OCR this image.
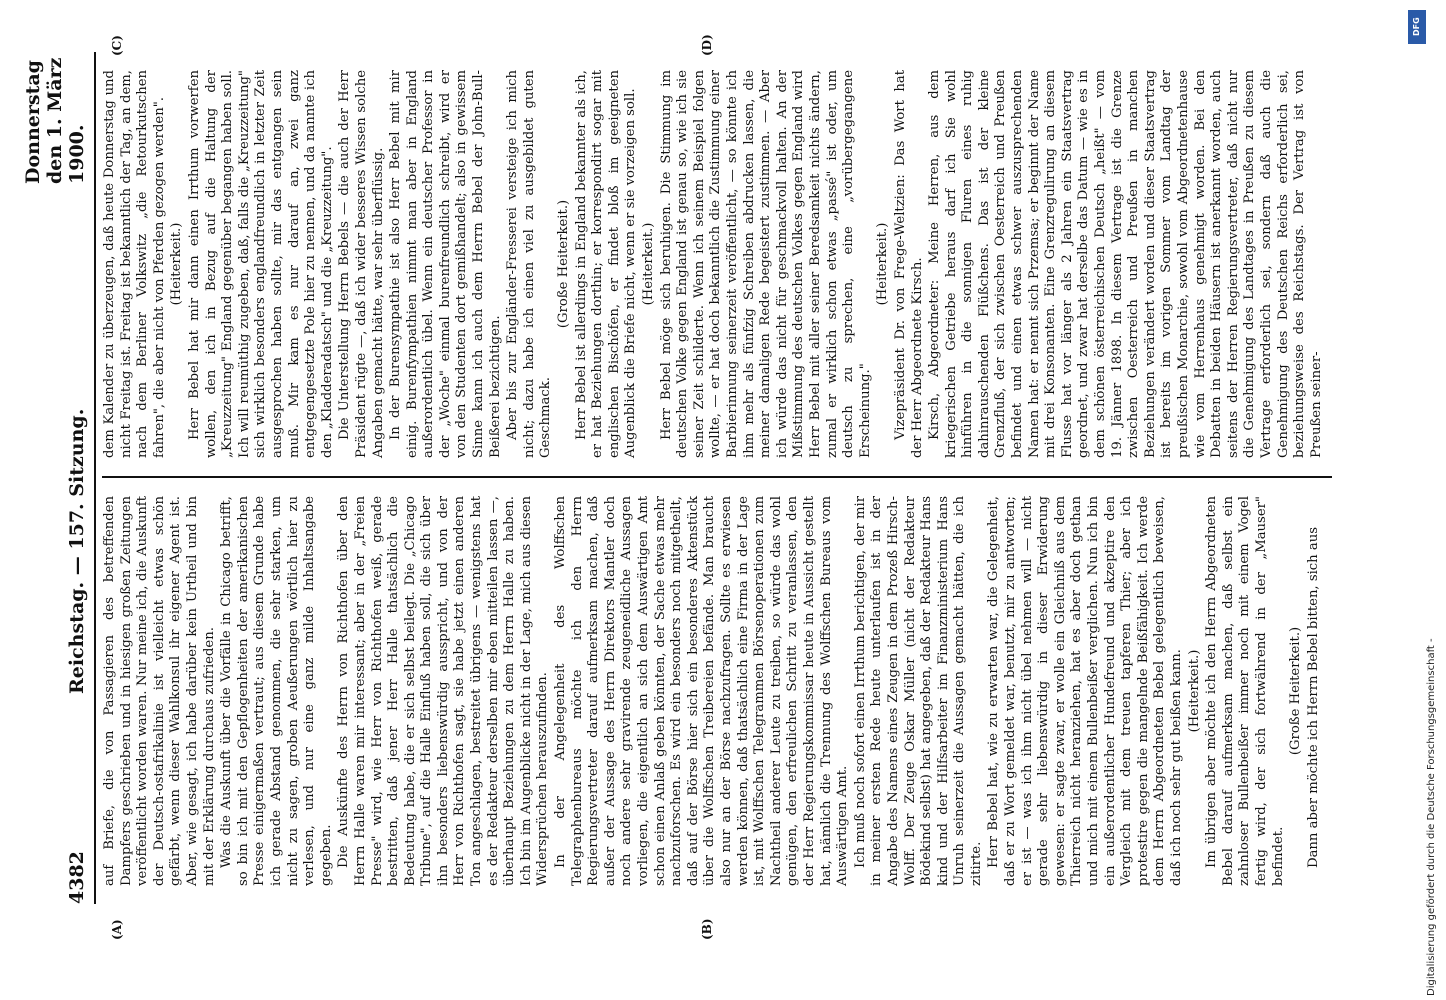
4382
Reichstag. — 157. Sitzung.
Donnerstag den 1. März 1900.

auf Briefe, die von Passagieren des betreffenden Dampfers geschrieben und in hiesigen großen Zeitungen veröffentlicht worden waren. Nur meine ich, die Auskunft der Deutsch-ostafrikalinie ist vielleicht etwas schön gefärbt, wenn dieser Wahlkonsul ihr eigener Agent ist. Aber, wie gesagt, ich habe darüber kein Urtheil und bin mit der Erklärung durchaus zufrieden. Was die Auskunft über die Vorfälle in Chicago betrifft, so bin ich mit den Gepflogenheiten der amerikanischen Presse einigermaßen vertraut; aus diesem Grunde habe ich gerade Abstand genommen, die sehr starken, um nicht zu sagen, groben Aeußerungen wörtlich hier zu verlesen, und nur eine ganz milde Inhaltsangabe gegeben. Die Auskünfte des Herrn von Richthofen über den Herrn Halle waren mir interessant; aber in der „Freien Presse" wird, wie Herr von Richthofen weiß, gerade bestritten, daß jener Herr Halle thatsächlich die Bedeutung habe, die er sich selbst beilegt. Die „Chicago Tribune", auf die Halle Einfluß haben soll, die sich über ihn besonders liebenswürdig ausspricht, und von der Herr von Richthofen sagt, sie habe jetzt einen anderen Ton angeschlagen, bestreitet übrigens — wenigstens hat es der Redakteur derselben mir eben mitteilen lassen —, überhaupt Beziehungen zu dem Herrn Halle zu haben. Ich bin im Augenblicke nicht in der Lage, mich aus diesen Widersprüchen herauszufinden. In der Angelegenheit des Wolffschen Telegraphenbureaus möchte ich den Herrn Regierungsvertreter darauf aufmerksam machen, daß außer der Aussage des Herrn Direktors Mantler doch noch andere sehr gravirende zeugeneidliche Aussagen vorliegen, die eigentlich an sich dem Auswärtigen Amt schon einen Anlaß geben könnten, der Sache etwas mehr nachzuforschen. Es wird ein besonders noch mitgetheilt, daß auf der Börse hier sich ein besonderes Aktenstück über die Wolffschen Treibereien befände. Man braucht also nur an der Börse nachzufragen. Sollte es erwiesen werden können, daß thatsächlich eine Firma in der Lage ist, mit Wolffschen Telegrammen Börsenoperationen zum Nachtheil anderer Leute zu treiben, so würde das wohl genügen, den erfreulichen Schritt zu veranlassen, den der Herr Regierungskommissar heute in Aussicht gestellt hat, nämlich die Trennung des Wolffschen Bureaus vom Auswärtigen Amt. Ich muß noch sofort einen Irrthum berichtigen, der mir in meiner ersten Rede heute unterlaufen ist in der Angabe des Namens eines Zeugen in dem Prozeß Hirsch-Wolff. Der Zeuge Oskar Müller (nicht der Redakteur Bödekind selbst) hat angegeben, daß der Redakteur Hans kind und der Hilfsarbeiter im Finanzministerium Hans Unruh seinerzeit die Aussagen gemacht hätten, die ich zitirte. Herr Bebel hat, wie zu erwarten war, die Gelegenheit, daß er zu Wort gemeldet war, benutzt, mir zu antworten; er ist — was ich ihm nicht übel nehmen will — nicht gerade sehr liebenswürdig in dieser Erwiderung gewesen: er sagte zwar, er wolle ein Gleichniß aus dem Thierreich nicht heranziehen, hat es aber doch gethan und mich mit einem Bullenbeißer verglichen. Nun ich bin ein außerordentlicher Hundefreund und akzeptire den Vergleich mit dem treuen tapferen Thier; aber ich protestire gegen die mangelnde Beißfähigkeit. Ich werde dem Herrn Abgeordneten Bebel gelegentlich beweisen, daß ich noch sehr gut beißen kann. (Heiterkeit.) Im übrigen aber möchte ich den Herrn Abgeordneten Bebel darauf aufmerksam machen, daß selbst ein zahnloser Bullenbeißer immer noch mit einem Vogel fertig wird, der sich fortwährend in der „Mauser" befindet.

(Große Heiterkeit.) Dann aber möchte ich Herrn Bebel bitten, sich aus

dem Kalender zu überzeugen, daß heute Donnerstag und nicht Freitag ist. Freitag ist bekanntlich der Tag, an dem, nach dem Berliner Volkswitz „die Retourkutschen fahren", die aber nicht von Pferden gezogen werden". (Heiterkeit.) Herr Bebel hat mir dann einen Irrthum vorwerfen wollen, den ich in Bezug auf die Haltung der „Kreuzzeitung" England gegenüber begangen haben soll. Ich will reumüthig zugeben, daß, falls die „Kreuzzeitung" sich wirklich besonders englandfreundlich in letzter Zeit ausgesprochen haben sollte, mir das entgangen sein muß. Mir kam es nur darauf an, zwei ganz entgegengesetzte Pole hier zu nennen, und da nannte ich den „Kladderadatsch" und die „Kreuzzeitung". Die Unterstellung Herrn Bebels — die auch der Herr Präsident rügte —, daß ich wider besseres Wissen solche Angaben gemacht hätte, war sehr überflüssig. In der Burensympathie ist also Herr Bebel mit mir einig. Burenfympathien nimmt man aber in England außerordentlich übel. Wenn ein deutscher Professor in der „Woche" einmal burenfreundlich schreibt, wird er von den Studenten dort gemißhandelt; also in gewissem Sinne kann ich auch dem Herrn Bebel der John-Bull-Beißerei bezichtigen. Aber bis zur Engländer-Fresserei versteige ich mich nicht; dazu habe ich einen viel zu ausgebildet guten Geschmack.

(Große Heiterkeit.) Herr Bebel ist allerdings in England bekannter als ich, er hat Beziehungen dorthin; er korrespondirt sogar mit englischen Bischöfen, er findet bloß im geeigneten Augenblick die Briefe nicht, wenn er sie vorzeigen soll. (Heiterkeit.) Herr Bebel möge sich beruhigen. Die Stimmung im deutschen Volke gegen England ist genau so, wie ich sie seiner Zeit schilderte. Wenn ich seinem Beispiel folgen wollte, — er hat doch bekanntlich die Zustimmung einer Barbierinnung seinerzeit veröffentlicht, — so könnte ich ihm mehr als fünfzig Schreiben abdrucken lassen, die meiner damaligen Rede begeistert zustimmen. — Aber ich würde das nicht für geschmackvoll halten. An der Mißstimmung des deutschen Volkes gegen England wird Herr Bebel mit aller seiner Beredsamkeit nichts ändern, zumal er wirklich schon etwas „passé" ist oder, um deutsch zu sprechen, eine „vorübergegangene Erscheinung."

(Heiterkeit.) Vizepräsident Dr. von Frege-Weltzien: Das Wort hat der Herr Abgeordnete Kirsch. Kirsch, Abgeordneter: Meine Herren, aus dem kriegerischen Getriebe heraus darf ich Sie wohl hinführen in die sonnigen Fluren eines ruhig dahinrauschenden Flüßchens. Das ist der kleine Grenzfluß, der sich zwischen Oesterreich und Preußen befindet und einen etwas schwer auszusprechenden Namen hat: er nennt sich Przemsa; er beginnt der Name mit drei Konsonanten. Eine Grenzregulirung an diesem Flusse hat vor länger als 2 Jahren ein Staatsvertrag geordnet, und zwar hat derselbe das Datum — wie es in dem schönen österreichischen Deutsch „heißt" — vom 19. Jänner 1898. In diesem Vertrage ist die Grenze zwischen Oesterreich und Preußen in manchen Beziehungen verändert worden und dieser Staatsvertrag ist bereits im vorigen Sommer vom Landtag der preußischen Monarchie, sowohl vom Abgeordnetenhause wie vom Herrenhaus genehmigt worden. Bei den Debatten in beiden Häusern ist anerkannt worden, auch seitens der Herren Regierungsvertreter, daß nicht nur die Genehmigung des Landtages in Preußen zu diesem Vertrage erforderlich sei, sondern daß auch die Genehmigung des Deutschen Reichs erforderlich sei, beziehungsweise des Reichstags. Der Vertrag ist von Preußen seiner-

(A)	(B)
(C)	(D)
DFG
Digitalisierung gefördert durch die Deutsche Forschungsgemeinschaft -
